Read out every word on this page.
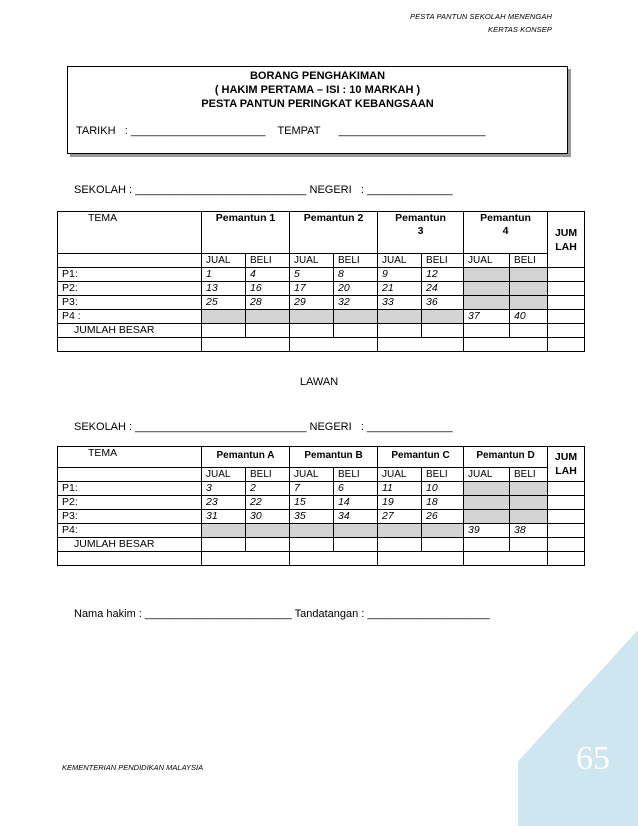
PESTA PANTUN SEKOLAH MENENGAH
KERTAS KONSEP
BORANG PENGHAKIMAN
( HAKIM PERTAMA – ISI : 10 MARKAH )
PESTA PANTUN PERINGKAT KEBANGSAAN
TARIKH : ______________________ TEMPAT ________________________
SEKOLAH : ____________________________ NEGERI : ______________
TEMA	Pemantun 1		Pemantun 2		Pemantun 3		Pemantun 4		JUM LAH
	JUAL	BELI	JUAL	BELI	JUAL	BELI	JUAL	BELI	
P1:	1	4	5	8	9	12			
P2:	13	16	17	20	21	24			
P3:	25	28	29	32	33	36			
P4 :							37	40	
JUMLAH BESAR									

LAWAN
SEKOLAH : ____________________________ NEGERI : ______________
TEMA	Pemantun A		Pemantun B		Pemantun C		Pemantun D		JUM LAH
	JUAL	BELI	JUAL	BELI	JUAL	BELI	JUAL	BELI	
P1:	3	2	7	6	11	10			
P2:	23	22	15	14	19	18			
P3:	31	30	35	34	27	26			
P4:							39	38	
JUMLAH BESAR									

Nama hakim : ________________________ Tandatangan : ____________________
KEMENTERIAN PENDIDIKAN MALAYSIA	65
